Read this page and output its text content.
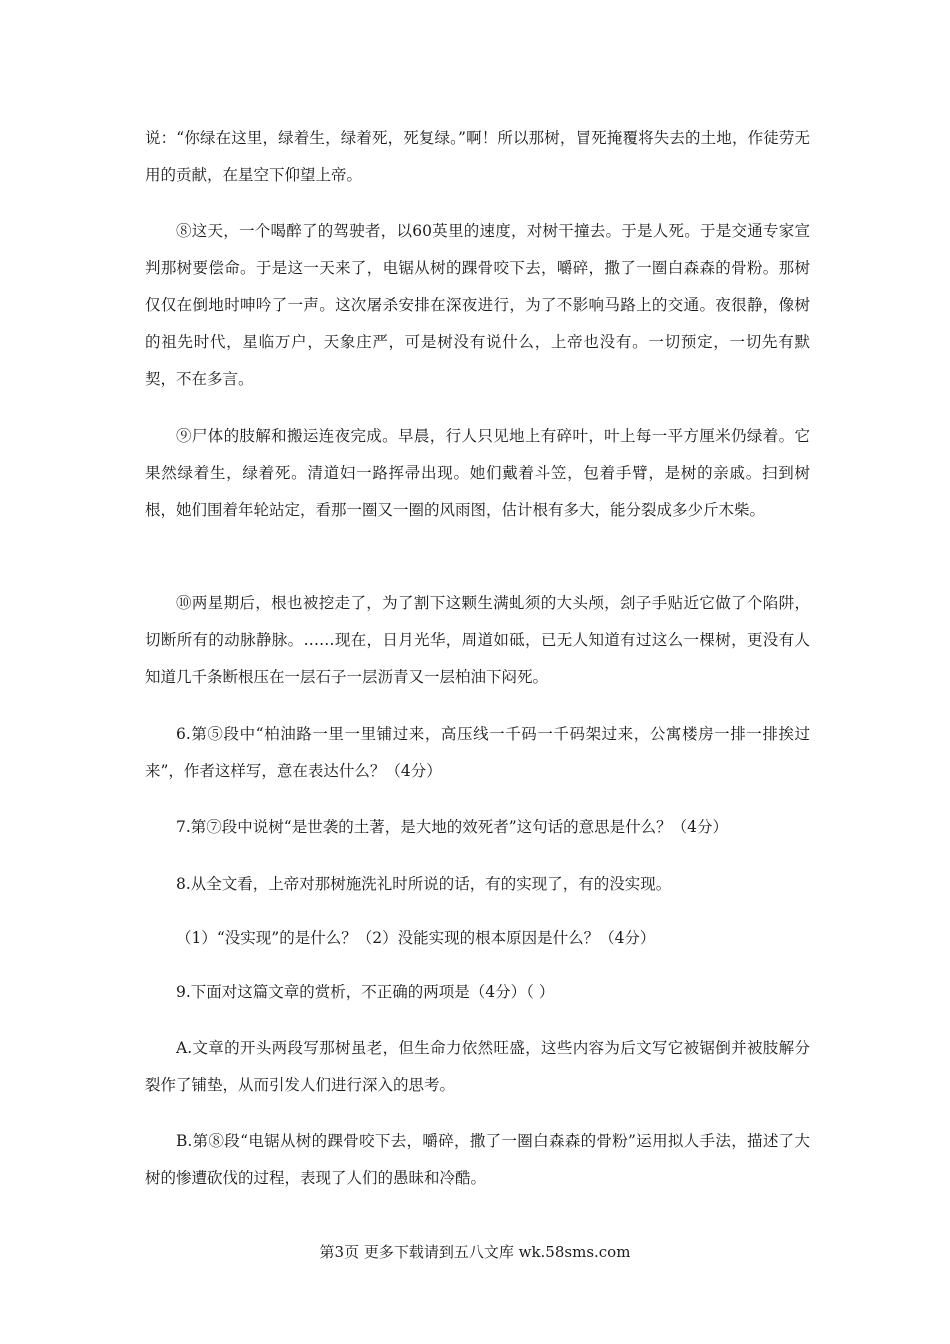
说：“你绿在这里，绿着生，绿着死，死复绿。”啊！所以那树，冒死掩覆将失去的土地，作徒劳无用的贡献，在星空下仰望上帝。

⑧这天，一个喝醉了的驾驶者，以60英里的速度，对树干撞去。于是人死。于是交通专家宣判那树要偿命。于是这一天来了，电锯从树的踝骨咬下去，嚼碎，撒了一圈白森森的骨粉。那树仅仅在倒地时呻吟了一声。这次屠杀安排在深夜进行，为了不影响马路上的交通。夜很静，像树的祖先时代，星临万户，天象庄严，可是树没有说什么，上帝也没有。一切预定，一切先有默契，不在多言。

⑨尸体的肢解和搬运连夜完成。早晨，行人只见地上有碎叶，叶上每一平方厘米仍绿着。它果然绿着生，绿着死。清道妇一路挥帚出现。她们戴着斗笠，包着手臂，是树的亲戚。扫到树根，她们围着年轮站定，看那一圈又一圈的风雨图，估计根有多大，能分裂成多少斤木柴。

⑩两星期后，根也被挖走了，为了割下这颗生满虬须的大头颅，刽子手贴近它做了个陷阱，切断所有的动脉静脉。……现在，日月光华，周道如砥，已无人知道有过这么一棵树，更没有人知道几千条断根压在一层石子一层沥青又一层柏油下闷死。

6.第⑤段中“柏油路一里一里铺过来，高压线一千码一千码架过来，公寓楼房一排一排挨过来”，作者这样写，意在表达什么？（4分）

7.第⑦段中说树“是世袭的土著，是大地的效死者”这句话的意思是什么？（4分）

8.从全文看，上帝对那树施洗礼时所说的话，有的实现了，有的没实现。

（1）“没实现”的是什么？（2）没能实现的根本原因是什么？（4分）

9.下面对这篇文章的赏析，不正确的两项是（4分）（ ）

A.文章的开头两段写那树虽老，但生命力依然旺盛，这些内容为后文写它被锯倒并被肢解分裂作了铺垫，从而引发人们进行深入的思考。

B.第⑧段“电锯从树的踝骨咬下去，嚼碎，撒了一圈白森森的骨粉”运用拟人手法，描述了大树的惨遭砍伐的过程，表现了人们的愚昧和冷酷。

第3页 更多下载请到五八文库 wk.58sms.com
